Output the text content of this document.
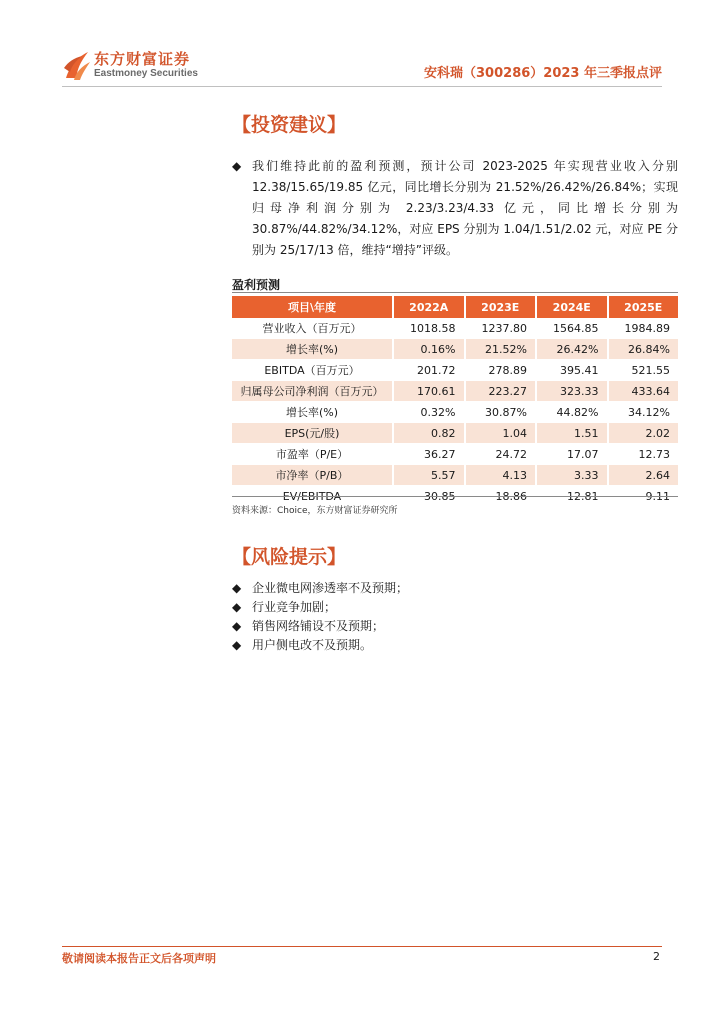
东方财富证券
Eastmoney Securities	安科瑞（300286）2023 年三季报点评
【投资建议】
◆ 我们维持此前的盈利预测，预计公司 2023-2025 年实现营业收入分别12.38/15.65/19.85 亿元，同比增长分别为 21.52%/26.42%/26.84%；实现归母净利润分别为 2.23/3.23/4.33 亿元，同比增长分别为 30.87%/44.82%/34.12%，对应 EPS 分别为 1.04/1.51/2.02 元，对应 PE 分别为 25/17/13 倍，维持“增持”评级。
盈利预测
项目\年度	2022A	2023E	2024E	2025E
营业收入（百万元）	1018.58	1237.80	1564.85	1984.89
增长率(%)	0.16%	21.52%	26.42%	26.84%
EBITDA（百万元）	201.72	278.89	395.41	521.55
归属母公司净利润（百万元）	170.61	223.27	323.33	433.64
增长率(%)	0.32%	30.87%	44.82%	34.12%
EPS(元/股)	0.82	1.04	1.51	2.02
市盈率（P/E）	36.27	24.72	17.07	12.73
市净率（P/B）	5.57	4.13	3.33	2.64
EV/EBITDA	30.85	18.86	12.81	9.11
资料来源：Choice，东方财富证券研究所
【风险提示】
◆ 企业微电网渗透率不及预期；
◆ 行业竞争加剧；
◆ 销售网络铺设不及预期；
◆ 用户侧电改不及预期。
敬请阅读本报告正文后各项声明	2
